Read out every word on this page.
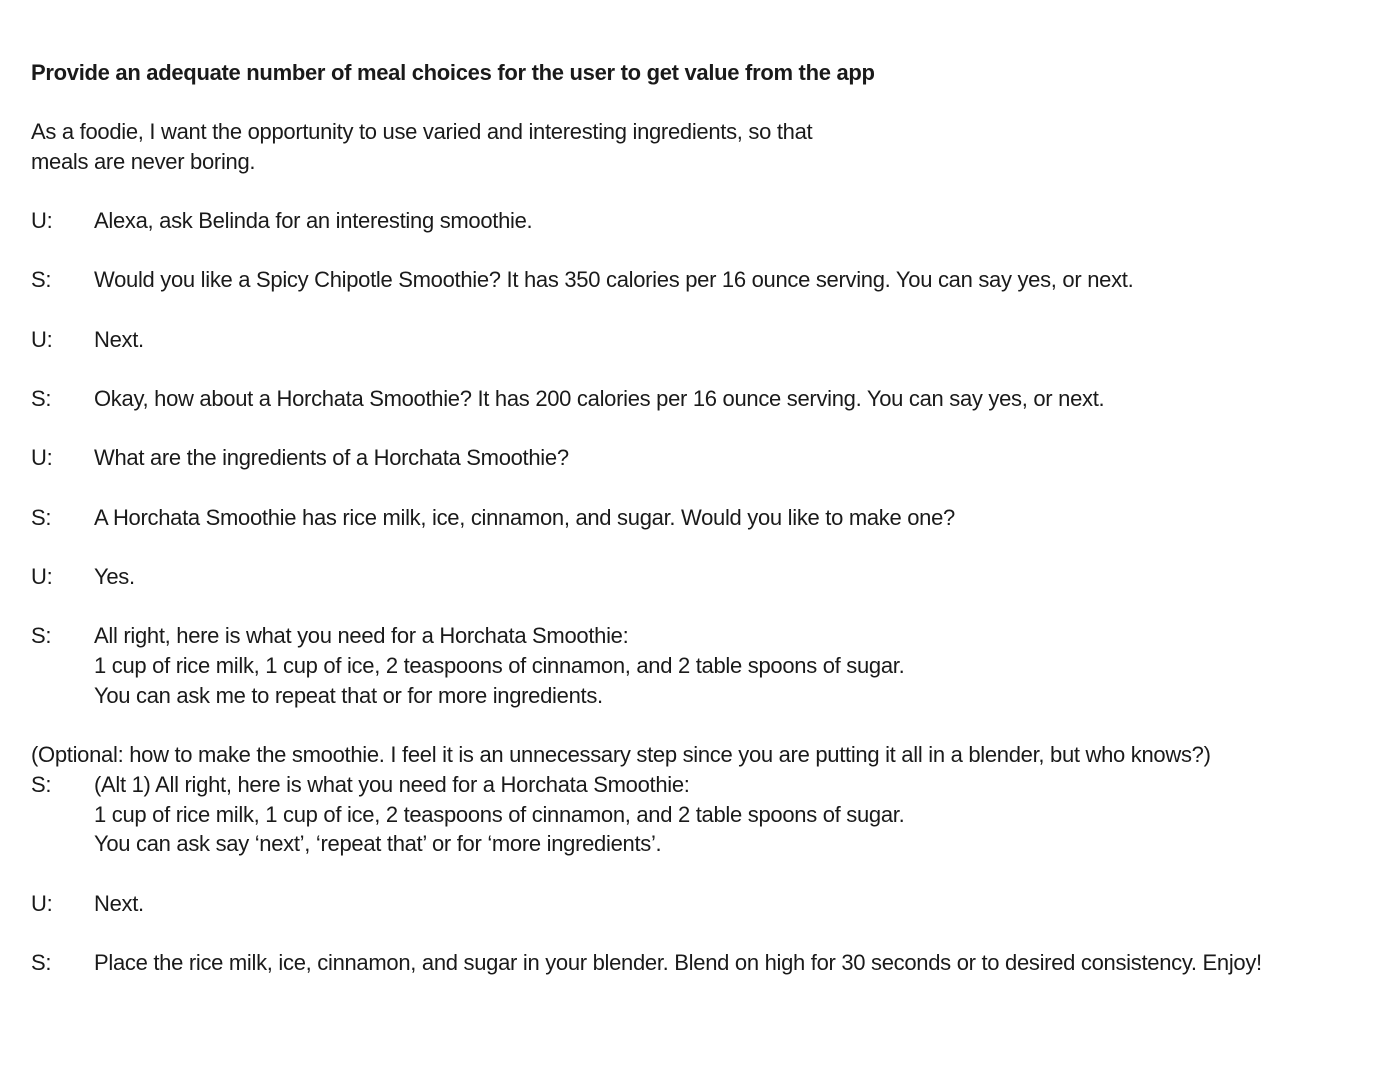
Provide an adequate number of meal choices for the user to get value from the app
As a foodie, I want the opportunity to use varied and interesting ingredients, so that
meals are never boring.
U:	Alexa, ask Belinda for an interesting smoothie.
S:	Would you like a Spicy Chipotle Smoothie? It has 350 calories per 16 ounce serving. You can say yes, or next.
U:	Next.
S:	Okay, how about a Horchata Smoothie? It has 200 calories per 16 ounce serving. You can say yes, or next.
U:	What are the ingredients of a Horchata Smoothie?
S:	A Horchata Smoothie has rice milk, ice, cinnamon, and sugar. Would you like to make one?
U:	Yes.
S:	All right, here is what you need for a Horchata Smoothie:
1 cup of rice milk, 1 cup of ice, 2 teaspoons of cinnamon, and 2 table spoons of sugar.
You can ask me to repeat that or for more ingredients.
(Optional: how to make the smoothie. I feel it is an unnecessary step since you are putting it all in a blender, but who knows?)
S:	(Alt 1) All right, here is what you need for a Horchata Smoothie:
1 cup of rice milk, 1 cup of ice, 2 teaspoons of cinnamon, and 2 table spoons of sugar.
You can ask say ‘next’, ‘repeat that’ or for ‘more ingredients’.
U:	Next.
S:	Place the rice milk, ice, cinnamon, and sugar in your blender. Blend on high for 30 seconds or to desired consistency. Enjoy!
